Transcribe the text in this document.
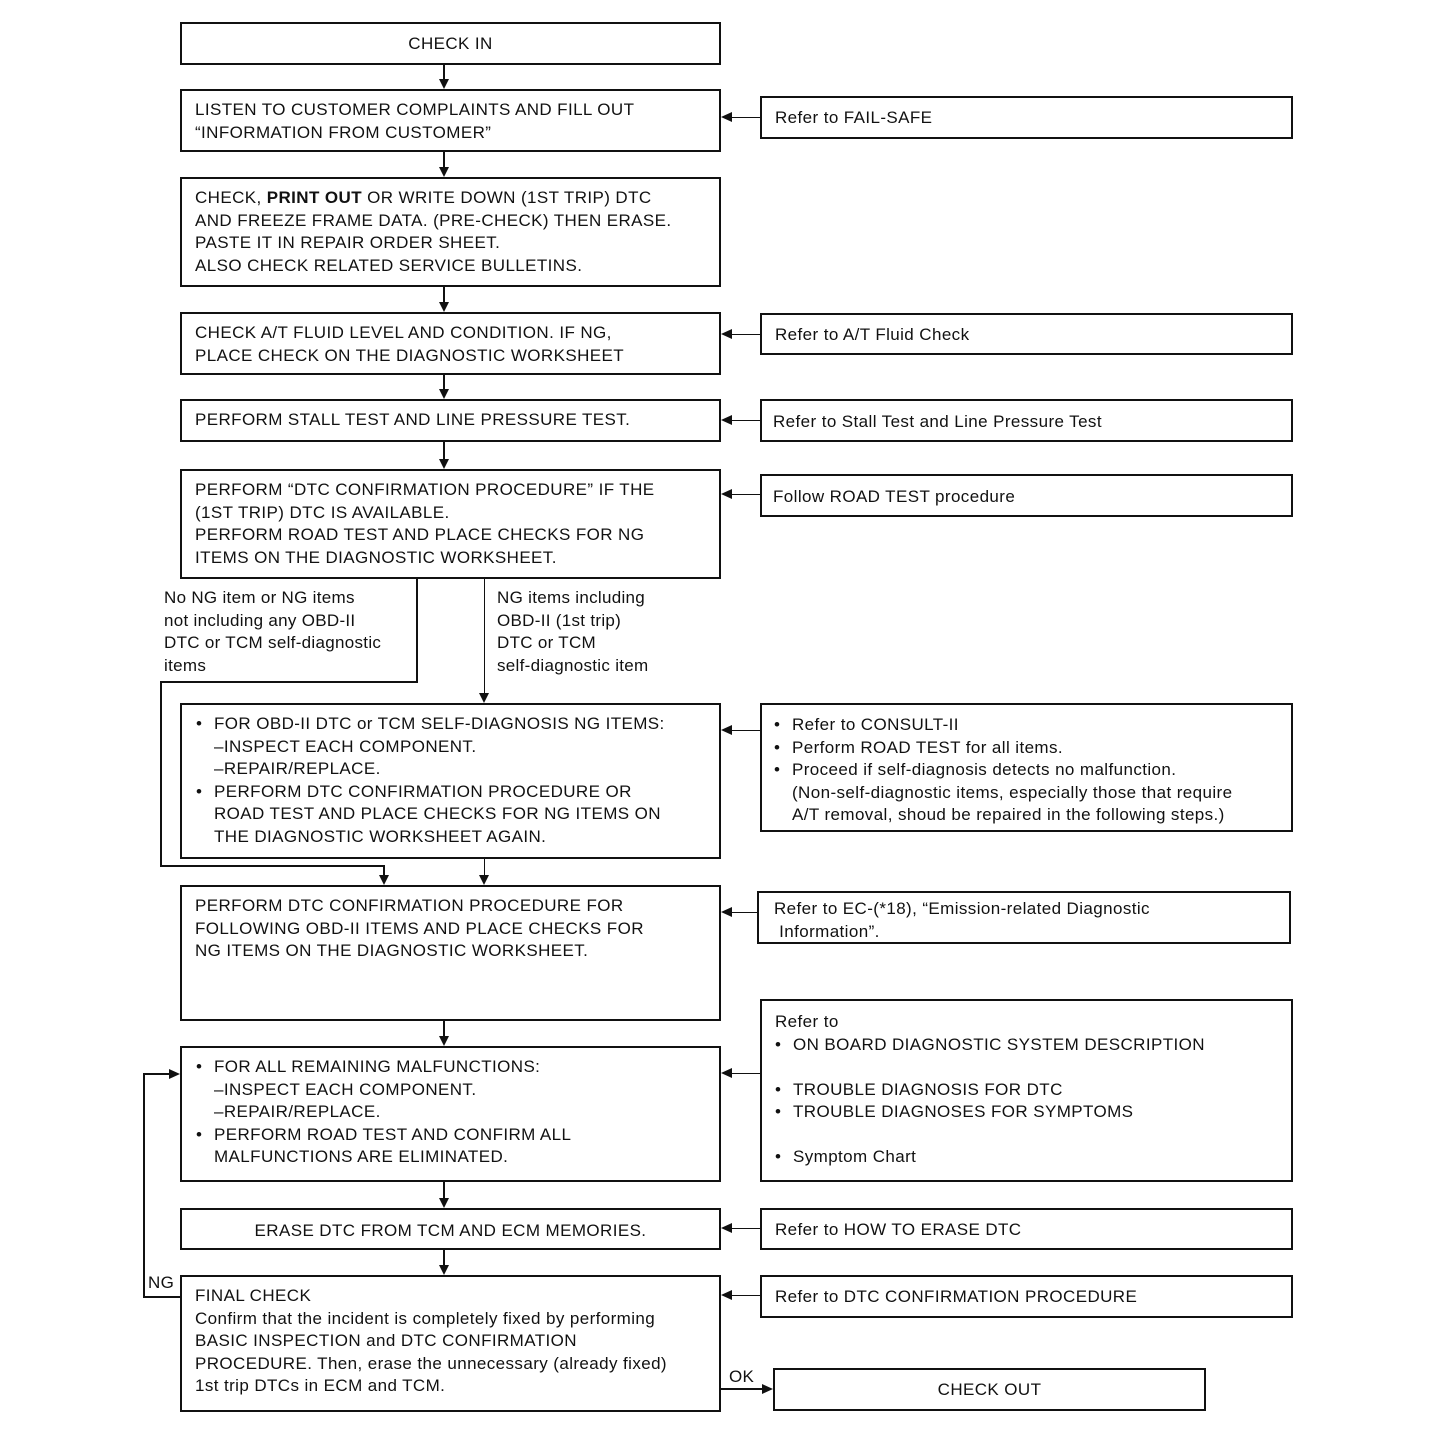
CHECK IN
LISTEN TO CUSTOMER COMPLAINTS AND FILL OUT
“INFORMATION FROM CUSTOMER”
CHECK, PRINT OUT OR WRITE DOWN (1ST TRIP) DTC
AND FREEZE FRAME DATA. (PRE-CHECK) THEN ERASE.
PASTE IT IN REPAIR ORDER SHEET.
ALSO CHECK RELATED SERVICE BULLETINS.
CHECK A/T FLUID LEVEL AND CONDITION. IF NG,
PLACE CHECK ON THE DIAGNOSTIC WORKSHEET
PERFORM STALL TEST AND LINE PRESSURE TEST.
PERFORM “DTC CONFIRMATION PROCEDURE” IF THE
(1ST TRIP) DTC IS AVAILABLE.
PERFORM ROAD TEST AND PLACE CHECKS FOR NG
ITEMS ON THE DIAGNOSTIC WORKSHEET.
No NG item or NG items
not including any OBD-II
DTC or TCM self-diagnostic
items
NG items including
OBD-II (1st trip)
DTC or TCM
self-diagnostic item
• FOR OBD-II DTC or TCM SELF-DIAGNOSIS NG ITEMS:
–INSPECT EACH COMPONENT.
–REPAIR/REPLACE.
• PERFORM DTC CONFIRMATION PROCEDURE OR
ROAD TEST AND PLACE CHECKS FOR NG ITEMS ON
THE DIAGNOSTIC WORKSHEET AGAIN.
PERFORM DTC CONFIRMATION PROCEDURE FOR
FOLLOWING OBD-II ITEMS AND PLACE CHECKS FOR
NG ITEMS ON THE DIAGNOSTIC WORKSHEET.
• FOR ALL REMAINING MALFUNCTIONS:
–INSPECT EACH COMPONENT.
–REPAIR/REPLACE.
• PERFORM ROAD TEST AND CONFIRM ALL
MALFUNCTIONS ARE ELIMINATED.
ERASE DTC FROM TCM AND ECM MEMORIES.
FINAL CHECK
Confirm that the incident is completely fixed by performing
BASIC INSPECTION and DTC CONFIRMATION
PROCEDURE. Then, erase the unnecessary (already fixed)
1st trip DTCs in ECM and TCM.	CHECK OUT
Refer to FAIL-SAFE
Refer to A/T Fluid Check
Refer to Stall Test and Line Pressure Test
Follow ROAD TEST procedure
• Refer to CONSULT-II
• Perform ROAD TEST for all items.
• Proceed if self-diagnosis detects no malfunction.
(Non-self-diagnostic items, especially those that require
A/T removal, shoud be repaired in the following steps.)
Refer to EC-(*18), “Emission-related Diagnostic
Information”.
Refer to
• ON BOARD DIAGNOSTIC SYSTEM DESCRIPTION
• TROUBLE DIAGNOSIS FOR DTC
• TROUBLE DIAGNOSES FOR SYMPTOMS
• Symptom Chart
Refer to HOW TO ERASE DTC
Refer to DTC CONFIRMATION PROCEDURE
NG
OK
